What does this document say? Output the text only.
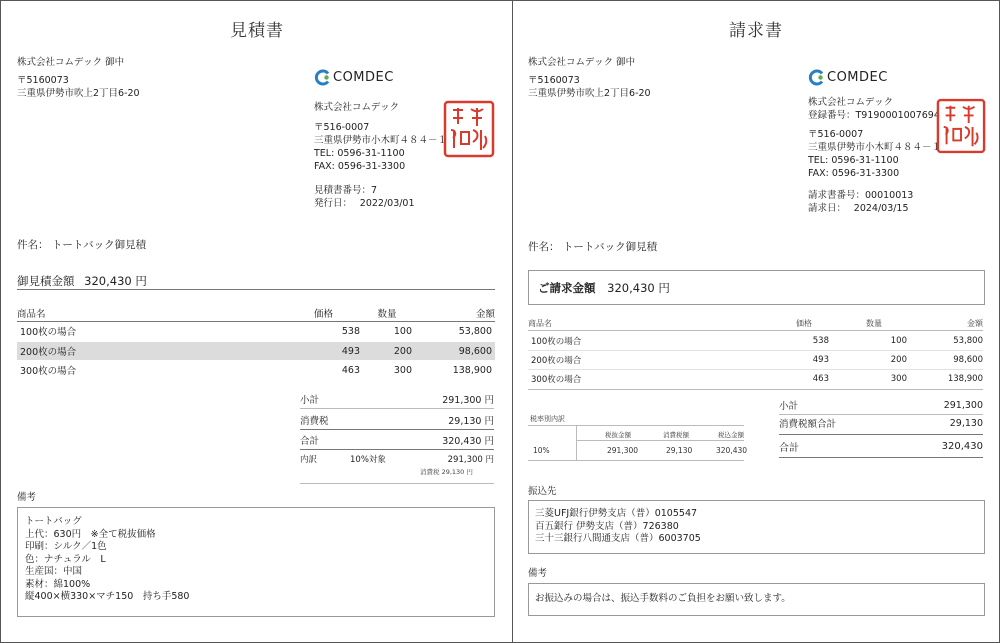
見積書
株式会社コムデック 御中
〒5160073
三重県伊勢市吹上2丁目6-20
COMDEC
株式会社コムデック
〒516-0007
三重県伊勢市小木町４８４－１
TEL: 0596-31-1100
FAX: 0596-31-3300
見積書番号：7
発行日：　 2022/03/01
件名： トートバック御見積
御見積金額 320,430 円
商品名	価格	数量	金額
100枚の場合	538	100	53,800
200枚の場合	493	200	98,600
300枚の場合	463	300	138,900
小計	291,300 円
消費税	29,130 円
合計	320,430 円
内訳	10%対象	291,300 円
消費税 29,130 円
備考
トートバッグ
上代：630円　※全て税抜価格
印刷：シルク／1色
色：ナチュラル　L
生産国：中国
素材：綿100%
縦400×横330×マチ150　持ち手580
請求書
株式会社コムデック 御中
〒5160073
三重県伊勢市吹上2丁目6-20
COMDEC
株式会社コムデック
登録番号：T9190001007694
〒516-0007
三重県伊勢市小木町４８４－１
TEL: 0596-31-1100
FAX: 0596-31-3300
請求書番号：00010013
請求日：　 2024/03/15
件名： トートバック御見積
ご請求金額 320,430 円
商品名	価格	数量	金額
100枚の場合	538	100	53,800
200枚の場合	493	200	98,600
300枚の場合	463	300	138,900
税率別内訳
税抜金額	消費税額	税込金額
10%	291,300	29,130	320,430
小計	291,300
消費税額合計	29,130
合計	320,430
振込先
三菱UFJ銀行伊勢支店（普）0105547
百五銀行 伊勢支店（普）726380
三十三銀行八間通支店（普）6003705
備考
お振込みの場合は、振込手数料のご負担をお願い致します。
